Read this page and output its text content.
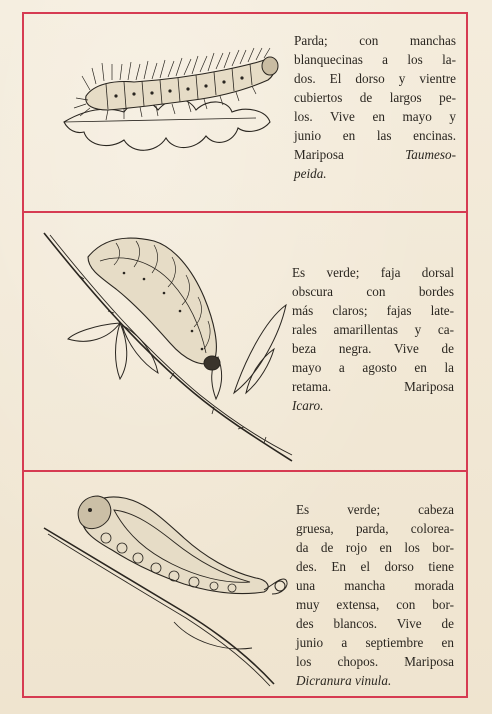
Parda; con manchas
blanquecinas a los la-
dos. El dorso y vientre
cubiertos de largos pe-
los. Vive en mayo y
junio en las encinas.
Mariposa Taumeso-
peida.

Es verde; faja dorsal
obscura con bordes
más claros; fajas late-
rales amarillentas y ca-
beza negra. Vive de
mayo a agosto en la
retama. Mariposa
Icaro.

Es verde; cabeza
gruesa, parda, colorea-
da de rojo en los bor-
des. En el dorso tiene
una mancha morada
muy extensa, con bor-
des blancos. Vive de
junio a septiembre en
los chopos. Mariposa
Dicranura vinula.
